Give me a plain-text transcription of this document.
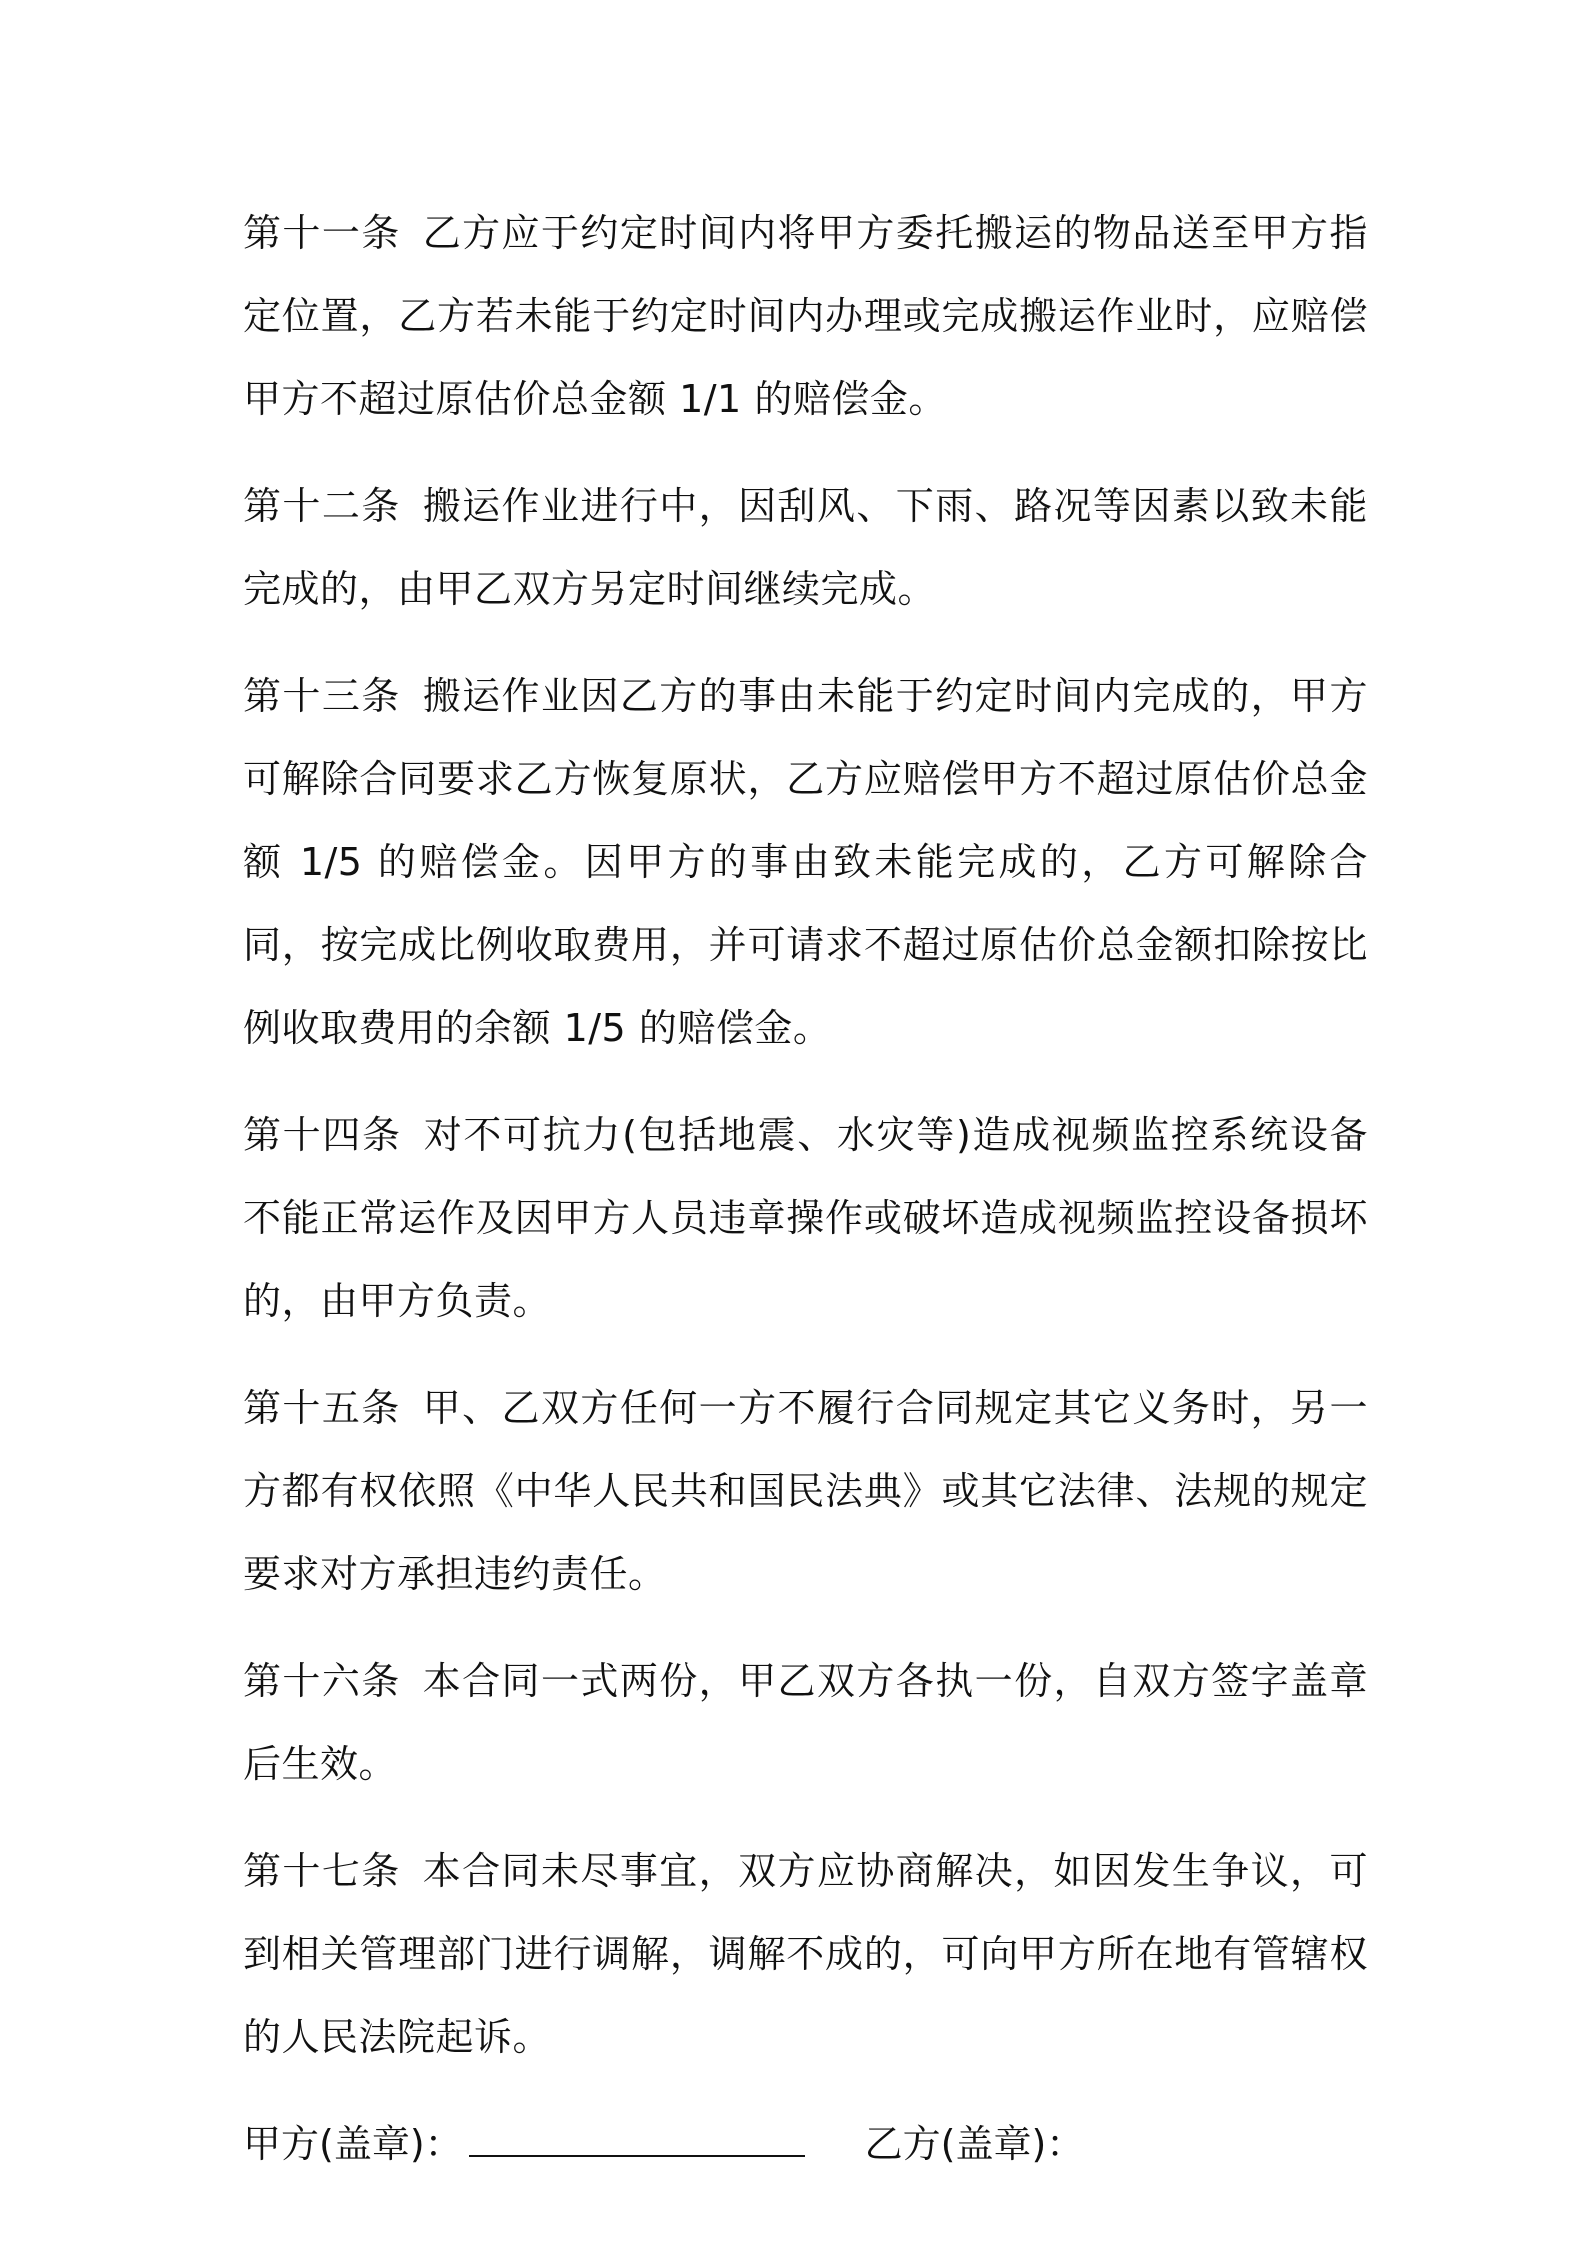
第十一条 乙方应于约定时间内将甲方委托搬运的物品送至甲方指定位置，乙方若未能于约定时间内办理或完成搬运作业时，应赔偿甲方不超过原估价总金额 1/1 的赔偿金。

第十二条 搬运作业进行中，因刮风、下雨、路况等因素以致未能完成的，由甲乙双方另定时间继续完成。

第十三条 搬运作业因乙方的事由未能于约定时间内完成的，甲方可解除合同要求乙方恢复原状，乙方应赔偿甲方不超过原估价总金额 1/5 的赔偿金。因甲方的事由致未能完成的，乙方可解除合同，按完成比例收取费用，并可请求不超过原估价总金额扣除按比例收取费用的余额 1/5 的赔偿金。

第十四条 对不可抗力(包括地震、水灾等)造成视频监控系统设备不能正常运作及因甲方人员违章操作或破坏造成视频监控设备损坏的，由甲方负责。

第十五条 甲、乙双方任何一方不履行合同规定其它义务时，另一方都有权依照《中华人民共和国民法典》或其它法律、法规的规定要求对方承担违约责任。

第十六条 本合同一式两份，甲乙双方各执一份，自双方签字盖章后生效。

第十七条 本合同未尽事宜，双方应协商解决，如因发生争议，可到相关管理部门进行调解，调解不成的，可向甲方所在地有管辖权的人民法院起诉。

甲方(盖章)：	乙方(盖章)：
